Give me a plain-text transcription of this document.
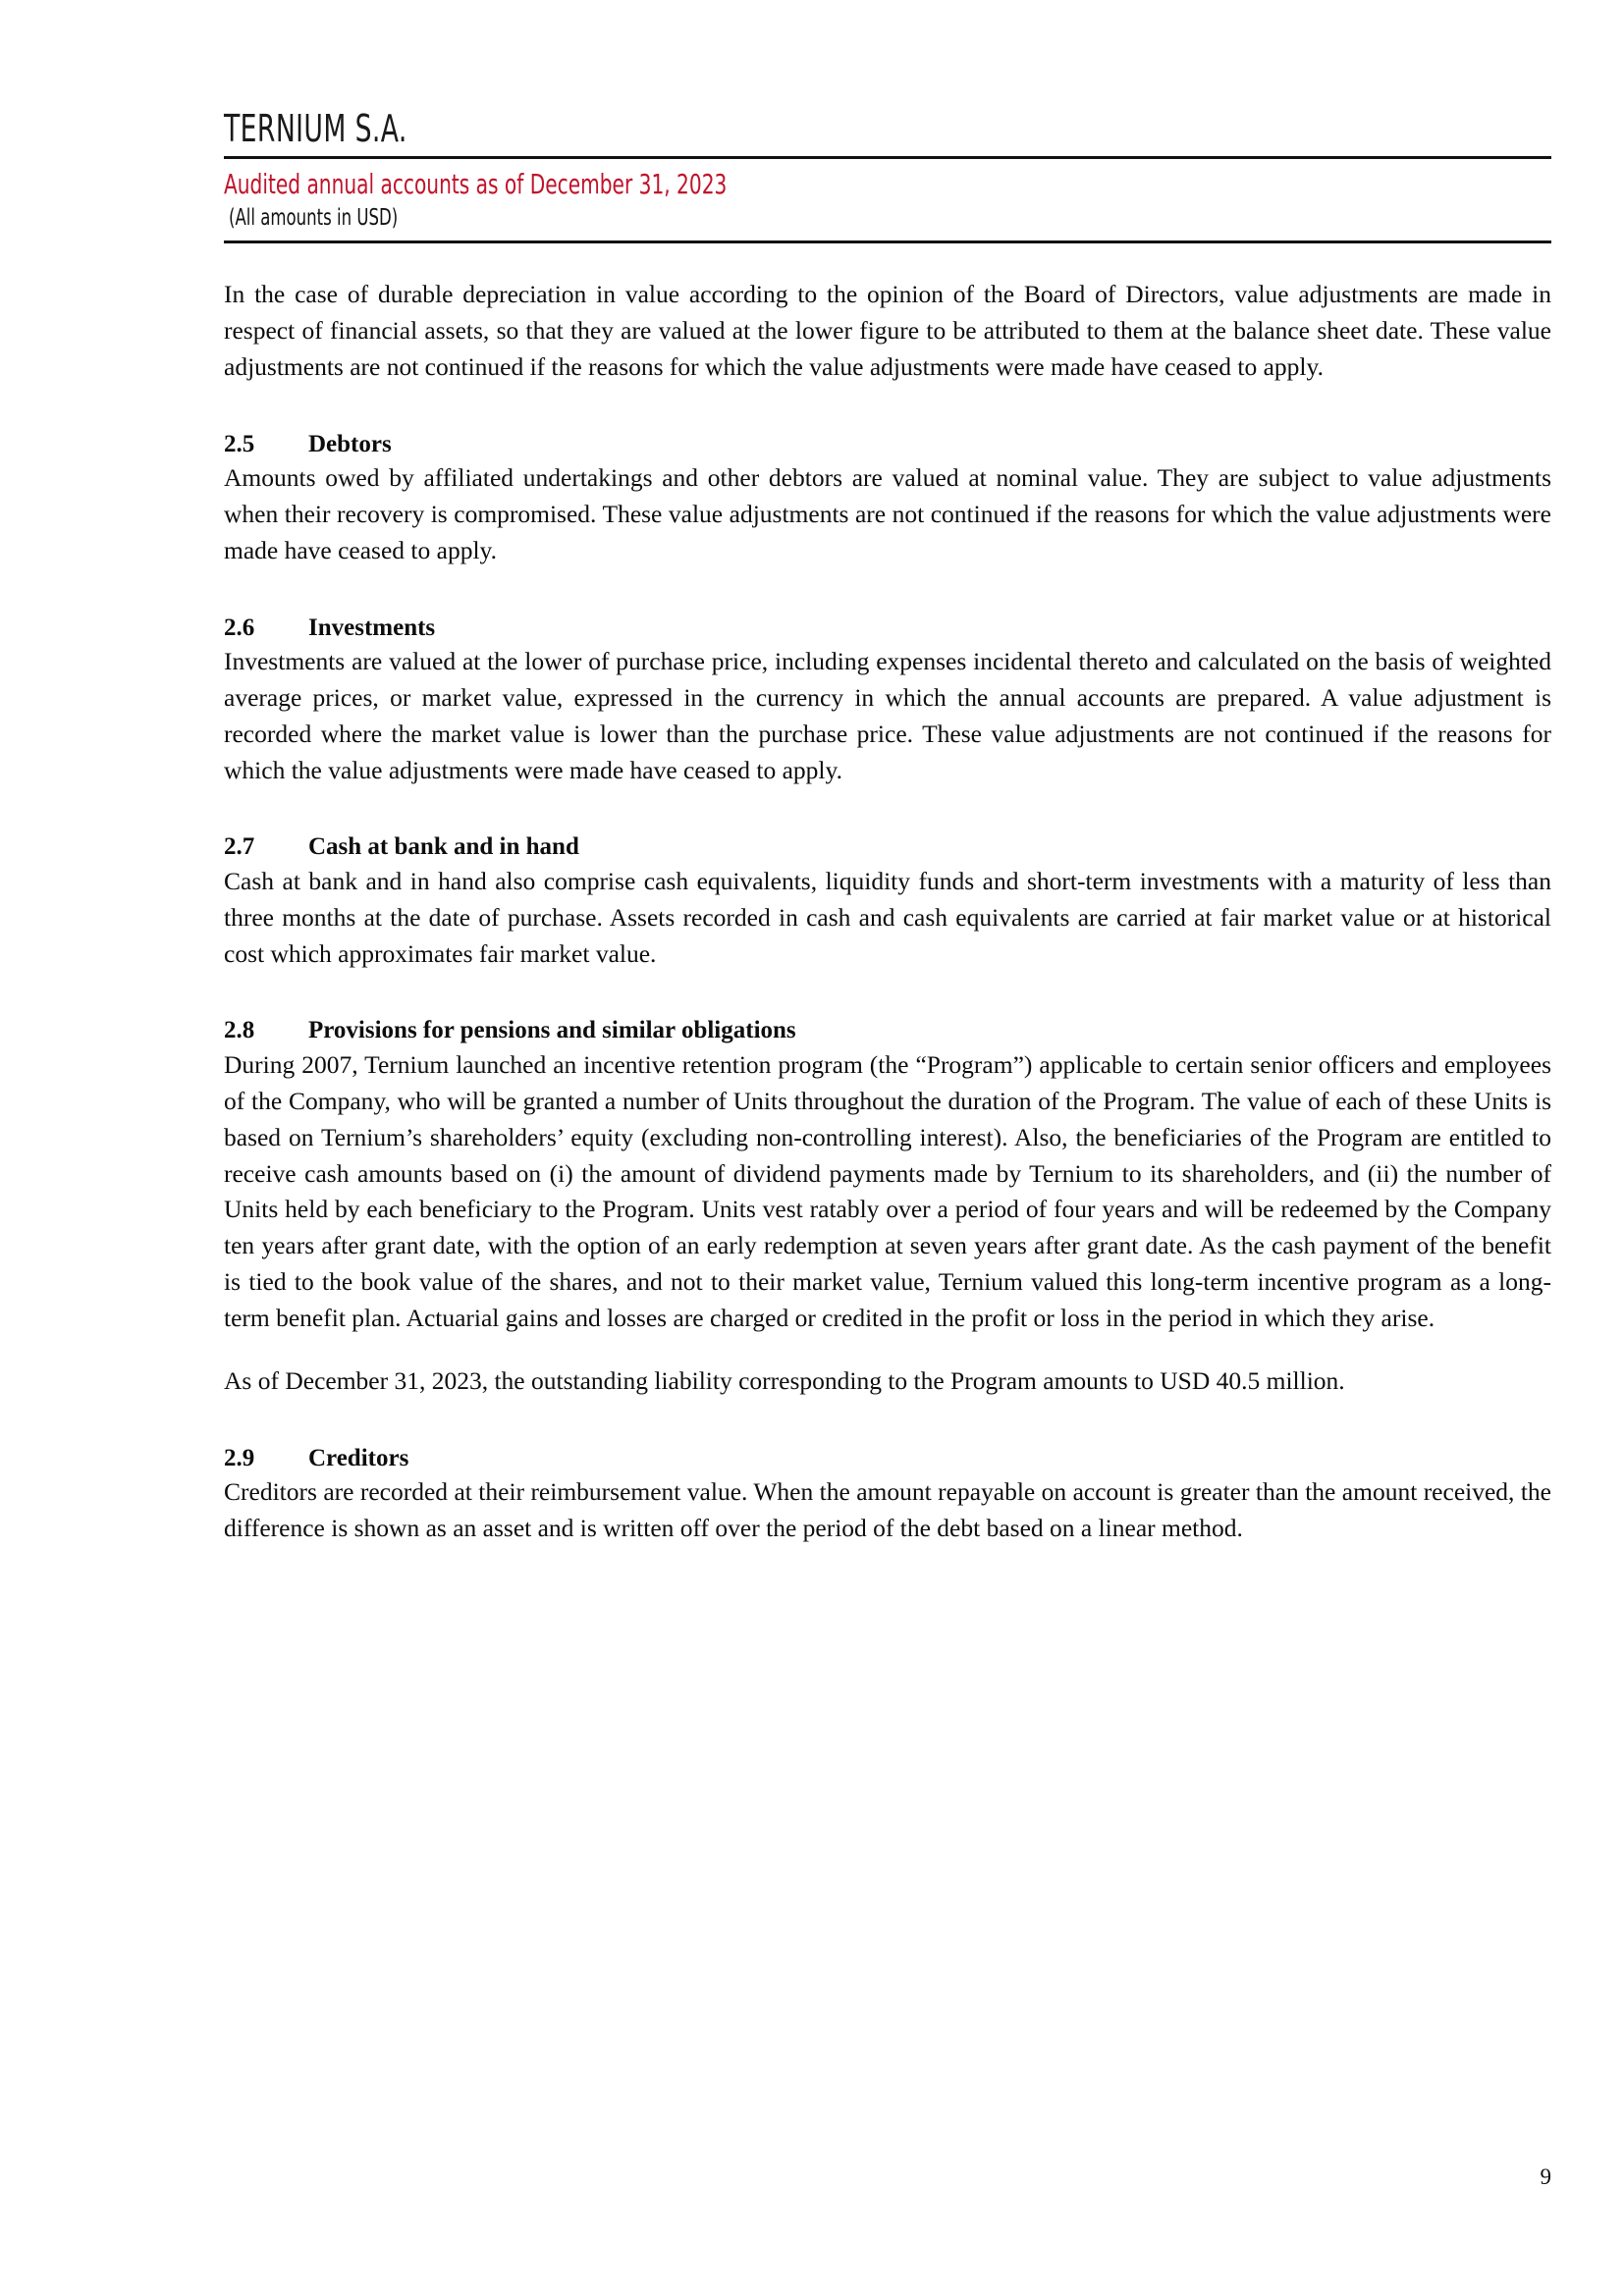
TERNIUM S.A.
Audited annual accounts as of December 31, 2023
(All amounts in USD)

In the case of durable depreciation in value according to the opinion of the Board of Directors, value adjustments are made in respect of financial assets, so that they are valued at the lower figure to be attributed to them at the balance sheet date. These value adjustments are not continued if the reasons for which the value adjustments were made have ceased to apply.

2.5	Debtors

Amounts owed by affiliated undertakings and other debtors are valued at nominal value. They are subject to value adjustments when their recovery is compromised. These value adjustments are not continued if the reasons for which the value adjustments were made have ceased to apply.

2.6	Investments

Investments are valued at the lower of purchase price, including expenses incidental thereto and calculated on the basis of weighted average prices, or market value, expressed in the currency in which the annual accounts are prepared. A value adjustment is recorded where the market value is lower than the purchase price. These value adjustments are not continued if the reasons for which the value adjustments were made have ceased to apply.

2.7	Cash at bank and in hand

Cash at bank and in hand also comprise cash equivalents, liquidity funds and short-term investments with a maturity of less than three months at the date of purchase. Assets recorded in cash and cash equivalents are carried at fair market value or at historical cost which approximates fair market value.

2.8	Provisions for pensions and similar obligations

During 2007, Ternium launched an incentive retention program (the “Program”) applicable to certain senior officers and employees of the Company, who will be granted a number of Units throughout the duration of the Program. The value of each of these Units is based on Ternium’s shareholders’ equity (excluding non-controlling interest). Also, the beneficiaries of the Program are entitled to receive cash amounts based on (i) the amount of dividend payments made by Ternium to its shareholders, and (ii) the number of Units held by each beneficiary to the Program. Units vest ratably over a period of four years and will be redeemed by the Company ten years after grant date, with the option of an early redemption at seven years after grant date. As the cash payment of the benefit is tied to the book value of the shares, and not to their market value, Ternium valued this long-term incentive program as a long-term benefit plan. Actuarial gains and losses are charged or credited in the profit or loss in the period in which they arise.

As of December 31, 2023, the outstanding liability corresponding to the Program amounts to USD 40.5 million.

2.9	Creditors

Creditors are recorded at their reimbursement value. When the amount repayable on account is greater than the amount received, the difference is shown as an asset and is written off over the period of the debt based on a linear method.

9
